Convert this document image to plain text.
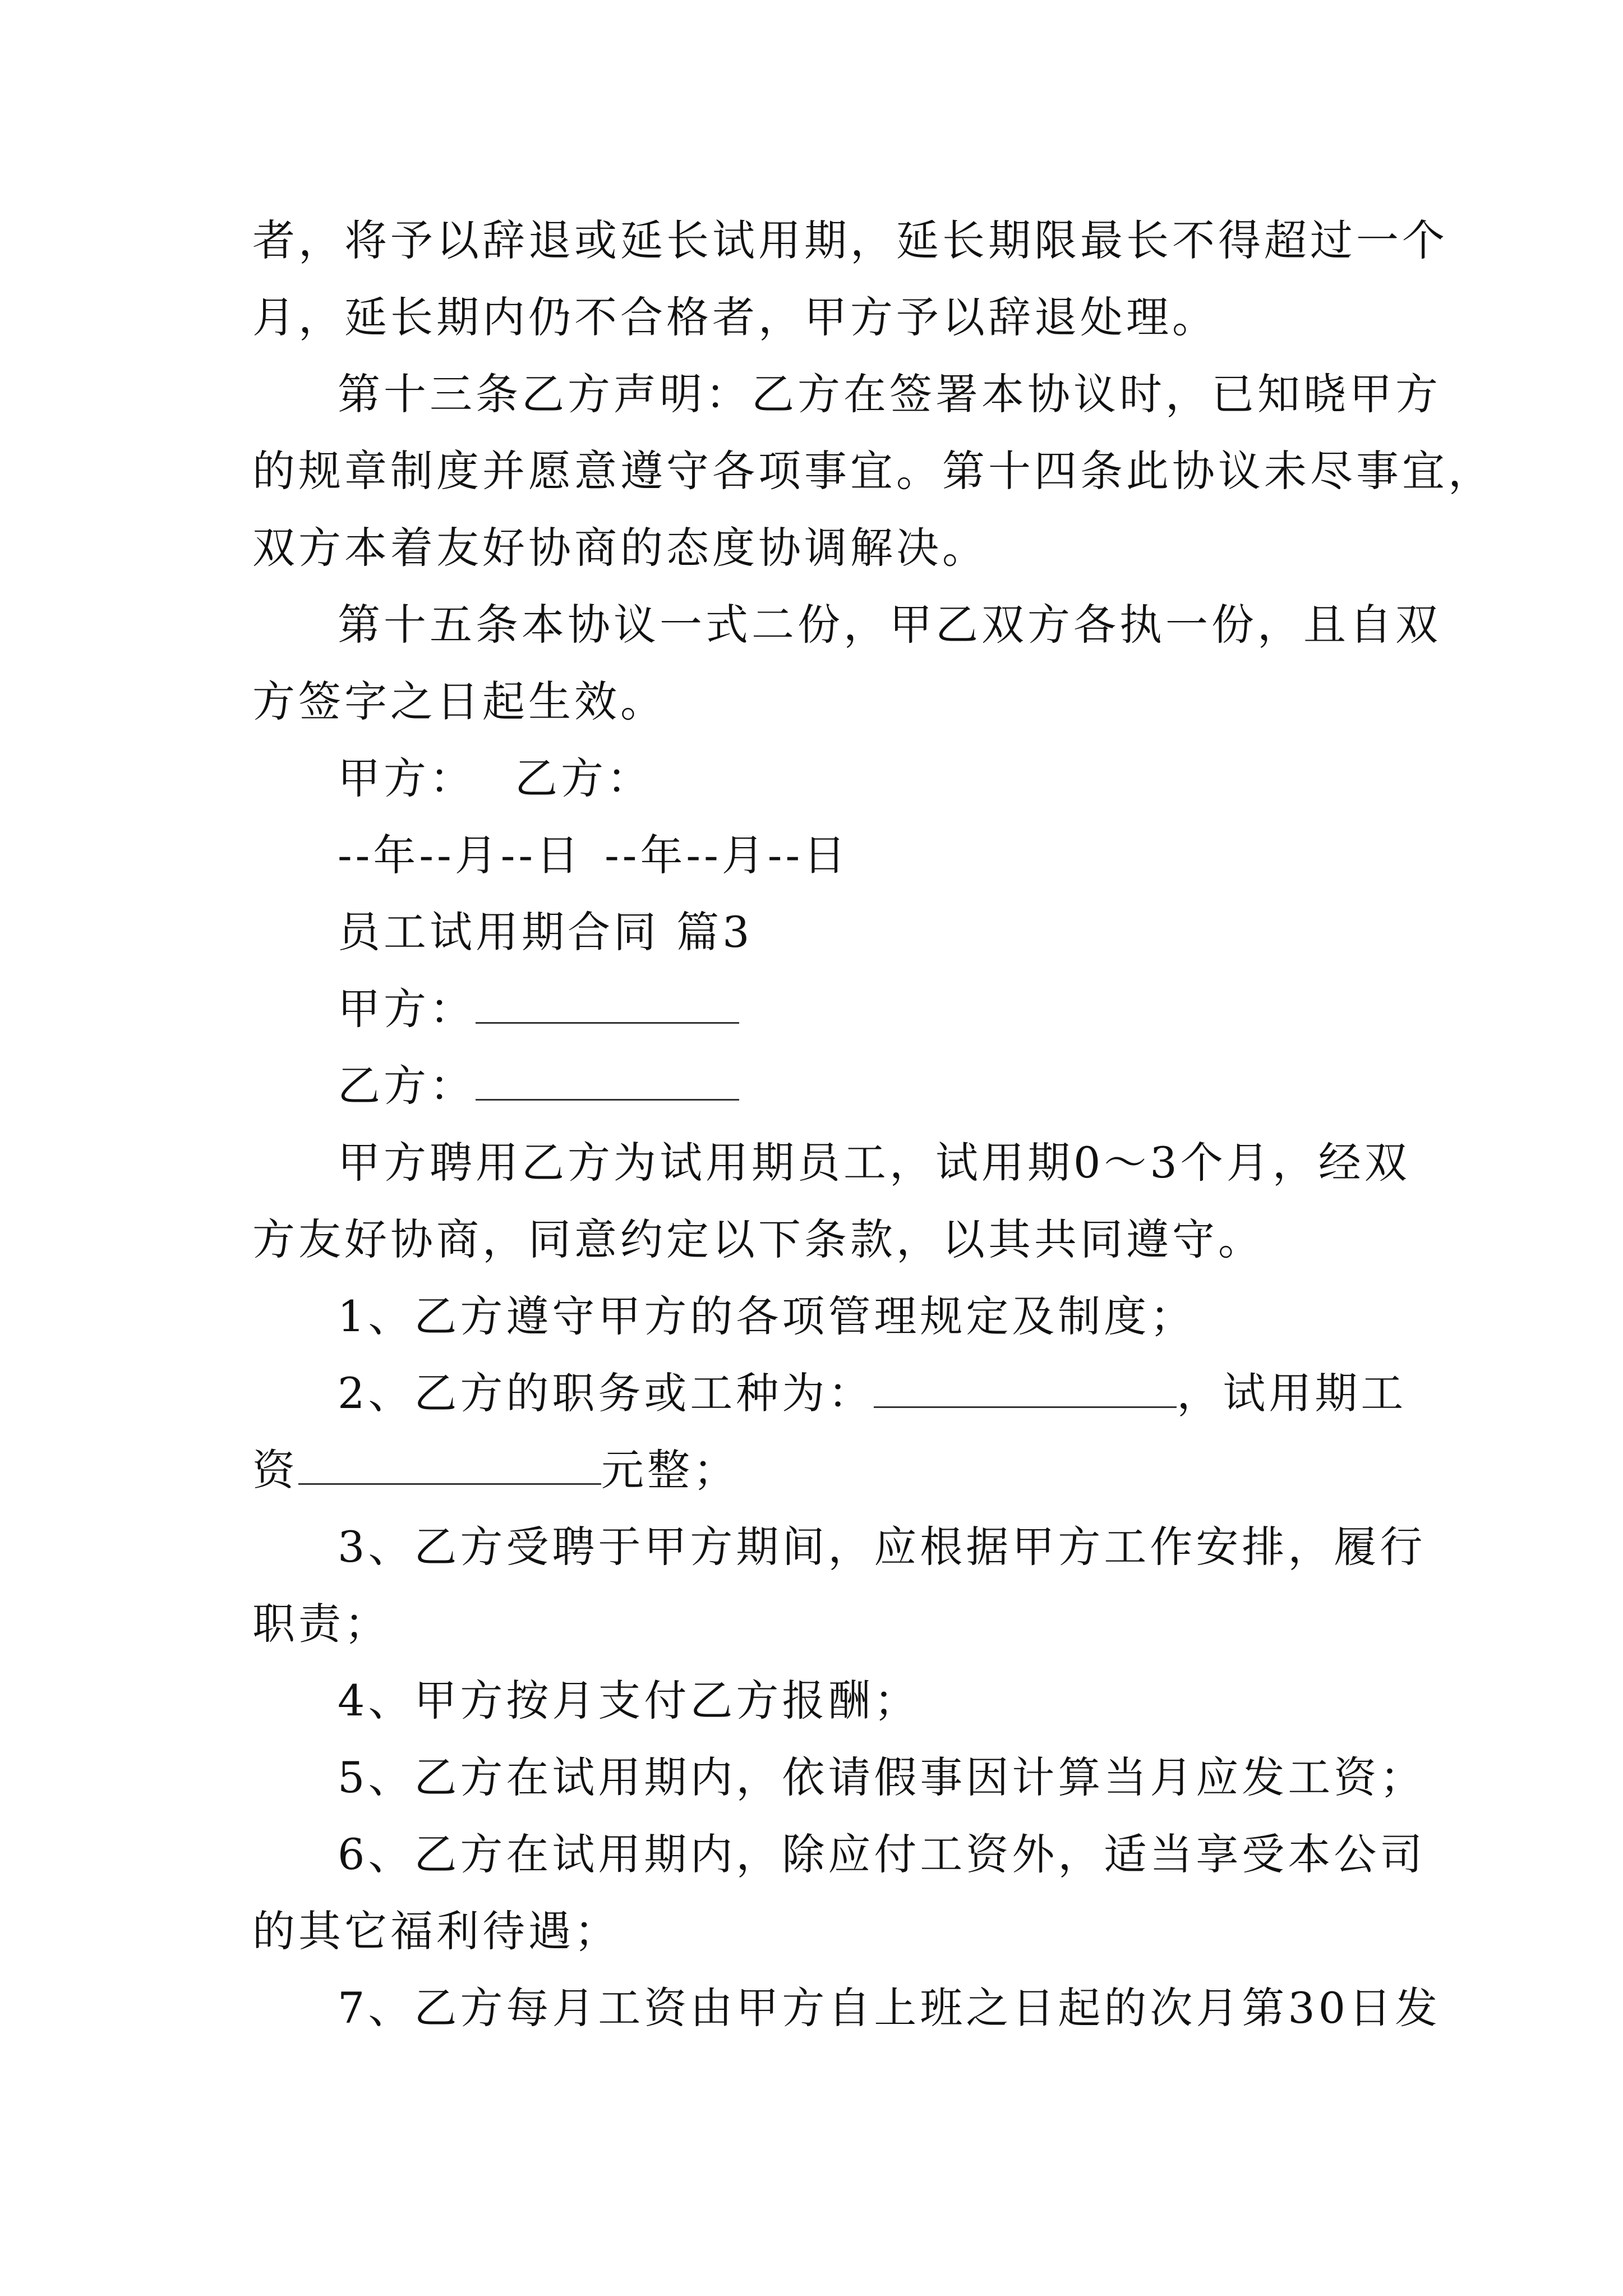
者，将予以辞退或延长试用期，延长期限最长不得超过一个
月，延长期内仍不合格者，甲方予以辞退处理。
第十三条乙方声明：乙方在签署本协议时，已知晓甲方
的规章制度并愿意遵守各项事宜。第十四条此协议未尽事宜，
双方本着友好协商的态度协调解决。
第十五条本协议一式二份，甲乙双方各执一份，且自双
方签字之日起生效。
甲方： 乙方：
--年--月--日 --年--月--日
员工试用期合同 篇3
甲方：
乙方：
甲方聘用乙方为试用期员工，试用期0～3个月，经双
方友好协商，同意约定以下条款，以其共同遵守。
1、乙方遵守甲方的各项管理规定及制度；
2、乙方的职务或工种为：	，试用期工
资	元整；
3、乙方受聘于甲方期间，应根据甲方工作安排，履行
职责；
4、甲方按月支付乙方报酬；
5、乙方在试用期内，依请假事因计算当月应发工资；
6、乙方在试用期内，除应付工资外，适当享受本公司
的其它福利待遇；
7、乙方每月工资由甲方自上班之日起的次月第30日发
